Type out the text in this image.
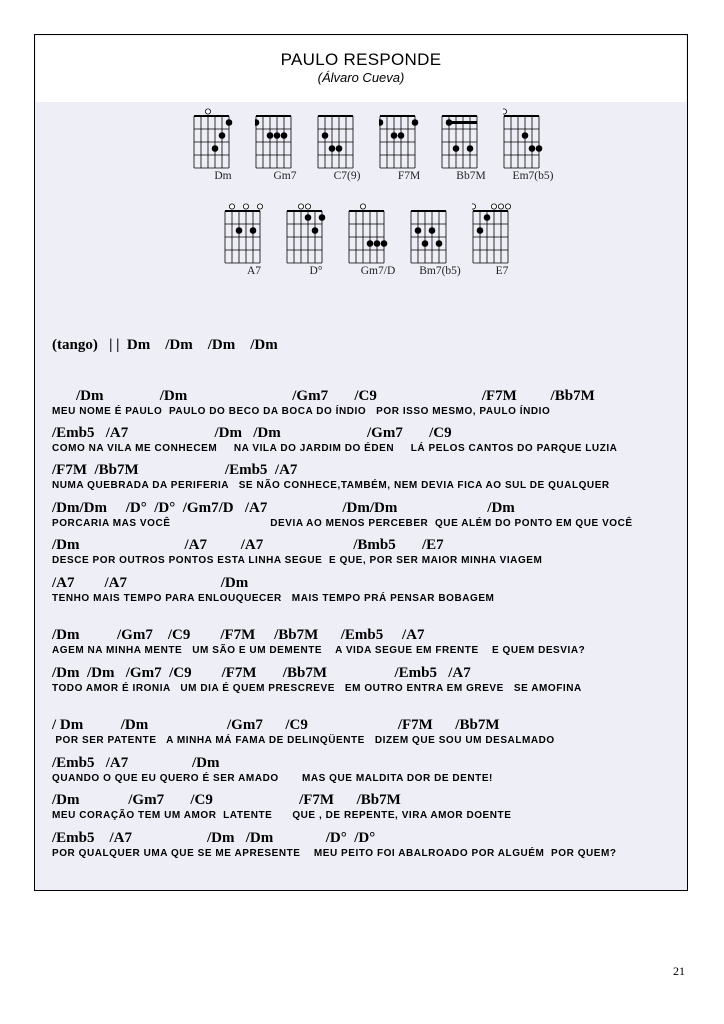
PAULO RESPONDE
(Álvaro Cueva)
Dm	Gm7	C7(9)	F7M	Bb7M	Em7(b5)
A7	D°	Gm7/D	Bm7(b5)	E7
(tango)   | |  Dm    /Dm    /Dm    /Dm
/Dm               /Dm                            /Gm7       /C9                            /F7M         /Bb7M
MEU NOME É PAULO  PAULO DO BECO DA BOCA DO ÍNDIO   POR ISSO MESMO, PAULO ÍNDIO
/Emb5   /A7                       /Dm   /Dm                       /Gm7       /C9
COMO NA VILA ME CONHECEM     NA VILA DO JARDIM DO ÉDEN     LÁ PELOS CANTOS DO PARQUE LUZIA
/F7M  /Bb7M                       /Emb5  /A7
NUMA QUEBRADA DA PERIFERIA   SE NÃO CONHECE,TAMBÉM, NEM DEVIA FICA AO SUL DE QUALQUER
/Dm/Dm     /D°  /D°  /Gm7/D   /A7                    /Dm/Dm                        /Dm
PORCARIA MAS VOCÊ                              DEVIA AO MENOS PERCEBER  QUE ALÉM DO PONTO EM QUE VOCÊ
/Dm                            /A7         /A7                        /Bmb5       /E7
DESCE POR OUTROS PONTOS ESTA LINHA SEGUE  E QUE, POR SER MAIOR MINHA VIAGEM
/A7        /A7                         /Dm
TENHO MAIS TEMPO PARA ENLOUQUECER   MAIS TEMPO PRÁ PENSAR BOBAGEM
/Dm          /Gm7    /C9        /F7M     /Bb7M      /Emb5     /A7
AGEM NA MINHA MENTE   UM SÃO E UM DEMENTE    A VIDA SEGUE EM FRENTE    E QUEM DESVIA?
/Dm  /Dm   /Gm7  /C9        /F7M       /Bb7M                  /Emb5   /A7
TODO AMOR É IRONIA   UM DIA É QUEM PRESCREVE   EM OUTRO ENTRA EM GREVE   SE AMOFINA
/ Dm          /Dm                     /Gm7      /C9                        /F7M      /Bb7M
POR SER PATENTE   A MINHA MÁ FAMA DE DELINQÜENTE   DIZEM QUE SOU UM DESALMADO
/Emb5   /A7                 /Dm
QUANDO O QUE EU QUERO É SER AMADO       MAS QUE MALDITA DOR DE DENTE!
/Dm             /Gm7       /C9                       /F7M      /Bb7M
MEU CORAÇÃO TEM UM AMOR  LATENTE      QUE , DE REPENTE, VIRA AMOR DOENTE
/Emb5    /A7                    /Dm   /Dm              /D°  /D°
POR QUALQUER UMA QUE SE ME APRESENTE    MEU PEITO FOI ABALROADO POR ALGUÉM  POR QUEM?
21
